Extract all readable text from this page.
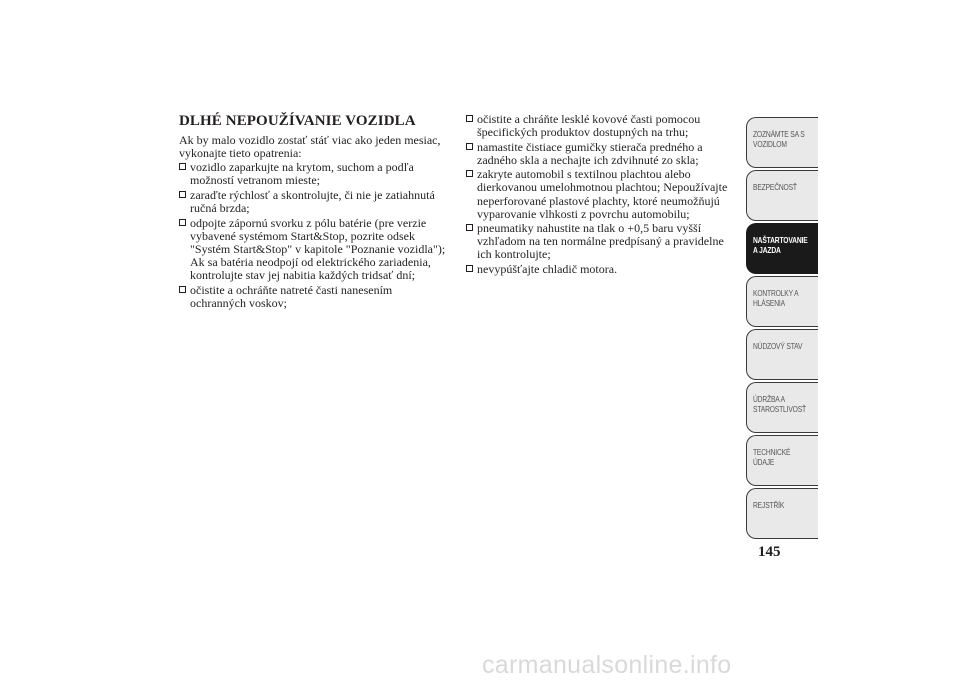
DLHÉ NEPOUŽÍVANIE VOZIDLA

Ak by malo vozidlo zostať stáť viac ako jeden mesiac, vykonajte tieto opatrenia:

vozidlo zaparkujte na krytom, suchom a podľa možností vetranom mieste;
zaraďte rýchlosť a skontrolujte, či nie je zatiahnutá ručná brzda;
odpojte zápornú svorku z pólu batérie (pre verzie vybavené systémom Start&Stop, pozrite odsek "Systém Start&Stop" v kapitole "Poznanie vozidla"); Ak sa batéria neodpojí od elektrického zariadenia, kontrolujte stav jej nabitia každých tridsať dní;
očistite a ochráňte natreté časti nanesením ochranných voskov;
očistite a chráňte lesklé kovové časti pomocou špecifických produktov dostupných na trhu;
namastite čistiace gumičky stierača predného a zadného skla a nechajte ich zdvihnuté zo skla;
zakryte automobil s textilnou plachtou alebo dierkovanou umelohmotnou plachtou; Nepoužívajte neperforované plastové plachty, ktoré neumožňujú vyparovanie vlhkosti z povrchu automobilu;
pneumatiky nahustite na tlak o +0,5 baru vyšší vzhľadom na ten normálne predpísaný a pravidelne ich kontrolujte;
nevypúšťajte chladič motora.
ZOZNÁMTE SA S
VOZIDLOM
BEZPEČNOSŤ
NAŠTARTOVANIE
A JAZDA
KONTROLKY A
HLÁSENIA
NÚDZOVÝ STAV
ÚDRŽBA A
STAROSTLIVOSŤ
TECHNICKÉ
ÚDAJE
REJSTŘÍK
145
carmanualsonline.info
